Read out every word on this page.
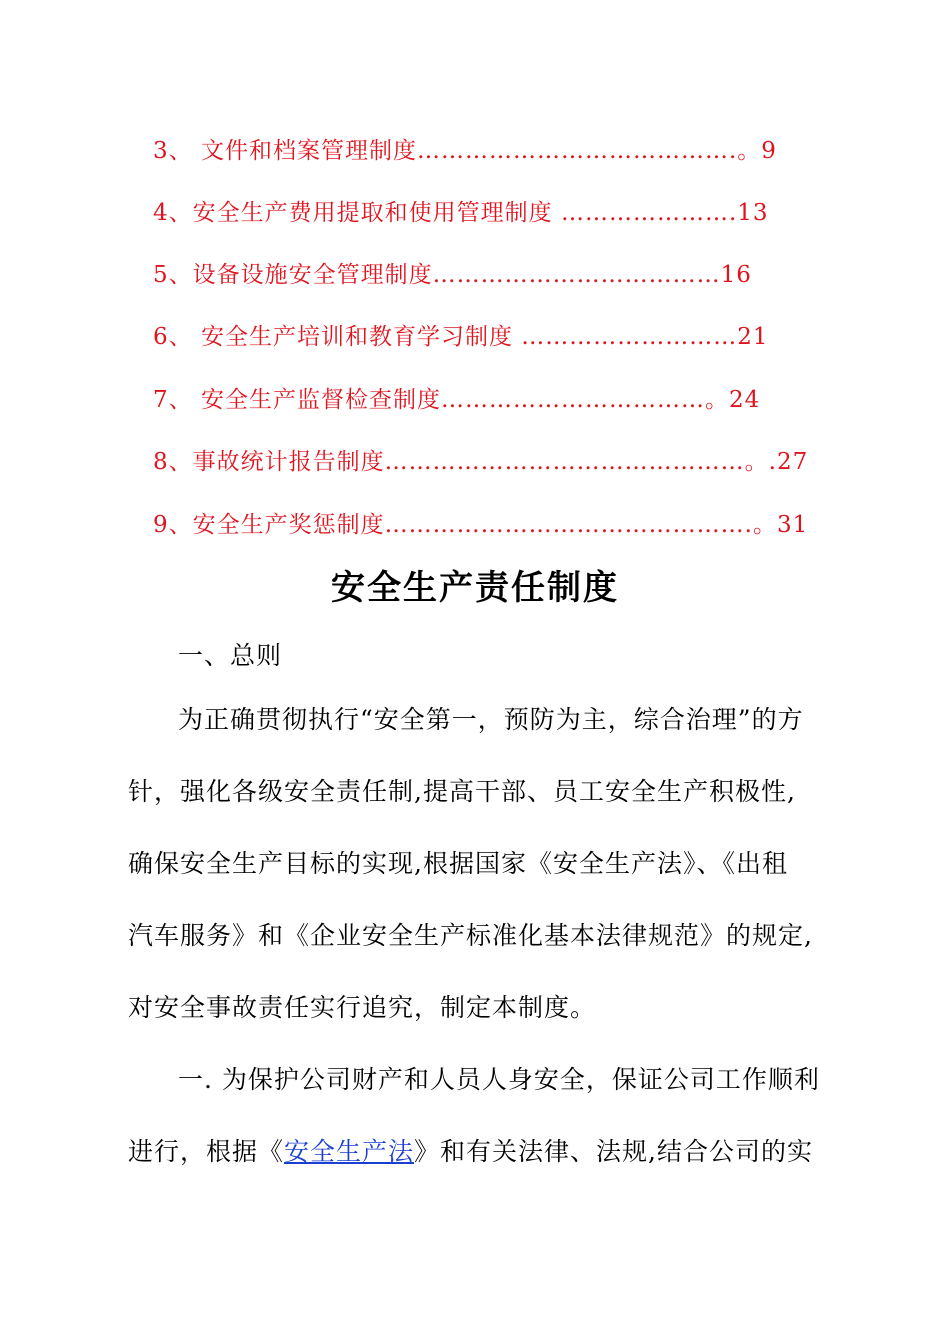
3、 文件和档案管理制度………………………………….。9
4、安全生产费用提取和使用管理制度 ………………….13
5、设备设施安全管理制度………………………………16
6、 安全生产培训和教育学习制度 ………………………21
7、 安全生产监督检查制度……………………………。24
8、事故统计报告制度………………………………………。.27
9、安全生产奖惩制度……………………………………….。31
安全生产责任制度
一、总则
为正确贯彻执行“安全第一，预防为主，综合治理”的方
针，强化各级安全责任制,提高干部、员工安全生产积极性,
确保安全生产目标的实现,根据国家《安全生产法》、《出租
汽车服务》和《企业安全生产标准化基本法律规范》的规定,
对安全事故责任实行追究，制定本制度。
一. 为保护公司财产和人员人身安全，保证公司工作顺利
进行，根据《安全生产法》和有关法律、法规,结合公司的实
